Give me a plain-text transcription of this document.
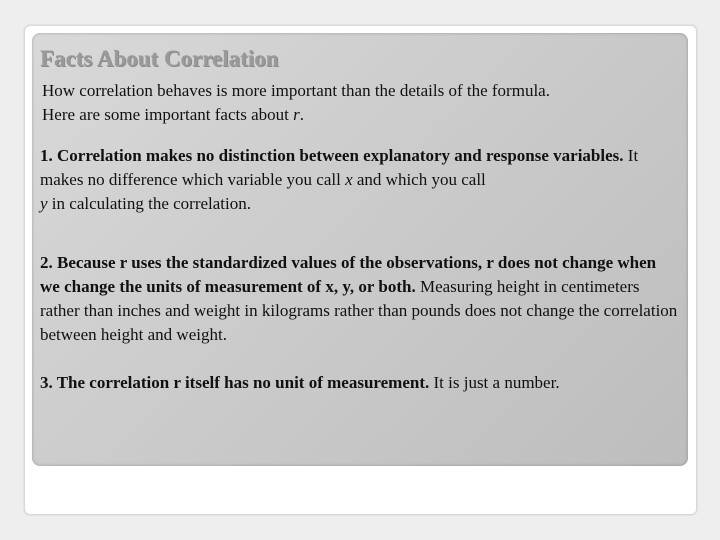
Facts About Correlation

How correlation behaves is more important than the details of the formula.
Here are some important facts about r.

1. Correlation makes no distinction between explanatory and response variables. It makes no difference which variable you call x and which you call
y in calculating the correlation.

2. Because r uses the standardized values of the observations, r does not change when we change the units of measurement of x, y, or both. Measuring height in centimeters rather than inches and weight in kilograms rather than pounds does not change the correlation between height and weight.

3. The correlation r itself has no unit of measurement. It is just a number.
